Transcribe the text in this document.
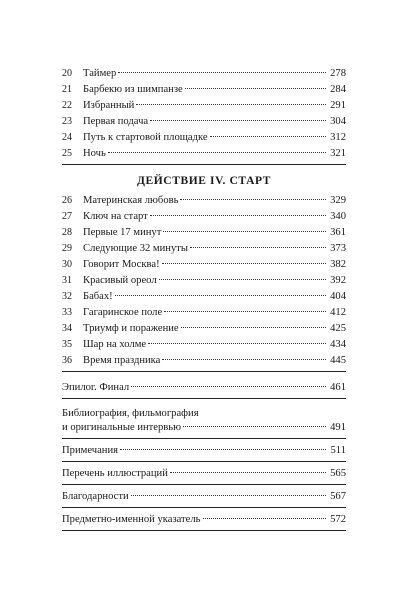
20	Таймер	278
21	Барбекю из шимпанзе	284
22	Избранный	291
23	Первая подача	304
24	Путь к стартовой площадке	312
25	Ночь	321
ДЕЙСТВИЕ IV. СТАРТ
26	Материнская любовь	329
27	Ключ на старт	340
28	Первые 17 минут	361
29	Следующие 32 минуты	373
30	Говорит Москва!	382
31	Красивый ореол	392
32	Бабах!	404
33	Гагаринское поле	412
34	Триумф и поражение	425
35	Шар на холме	434
36	Время праздника	445
Эпилог. Финал	461
Библиография, фильмография
и оригинальные интервью	491
Примечания	511
Перечень иллюстраций	565
Благодарности	567
Предметно-именной указатель	572
